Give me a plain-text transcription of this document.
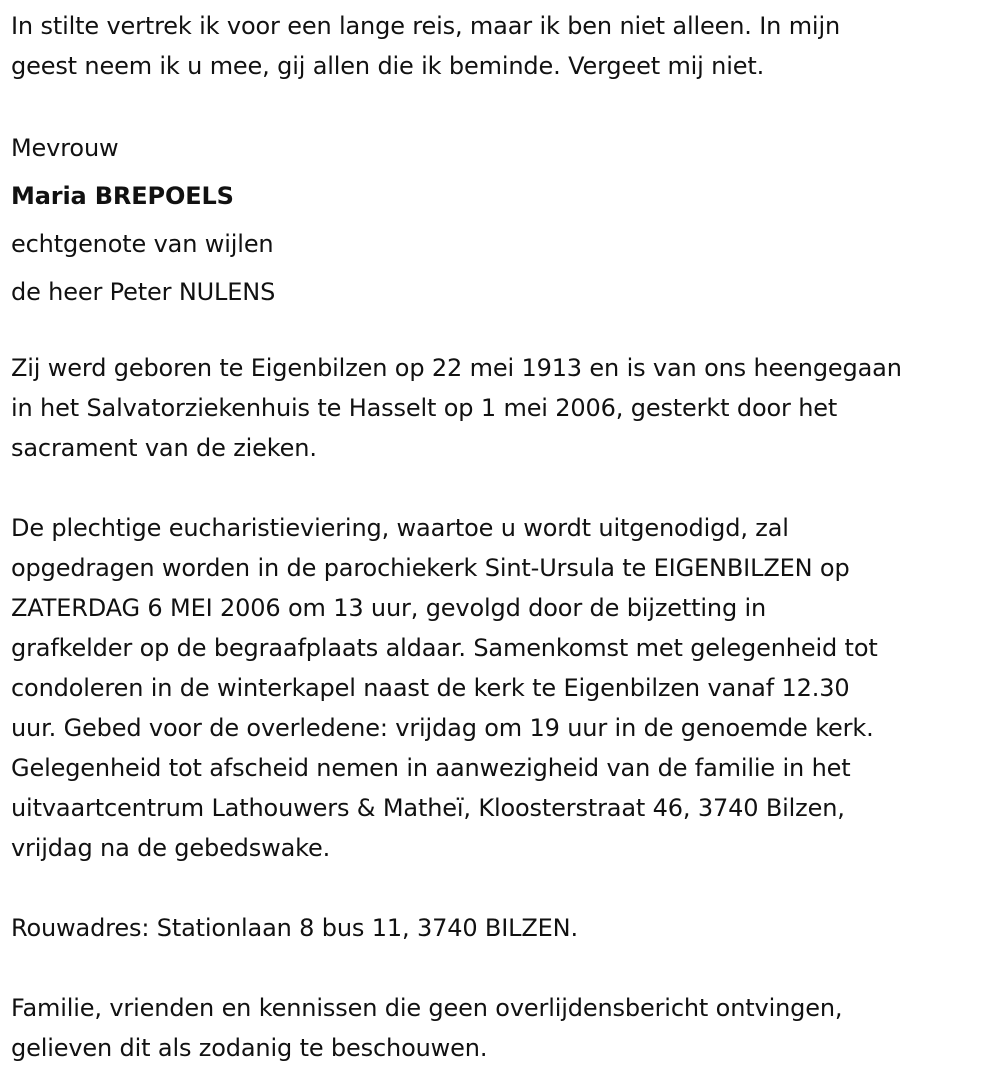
In stilte vertrek ik voor een lange reis, maar ik ben niet alleen. In mijn
geest neem ik u mee, gij allen die ik beminde. Vergeet mij niet.
Mevrouw
Maria BREPOELS
echtgenote van wijlen
de heer Peter NULENS
Zij werd geboren te Eigenbilzen op 22 mei 1913 en is van ons heengegaan
in het Salvatorziekenhuis te Hasselt op 1 mei 2006, gesterkt door het
sacrament van de zieken.
De plechtige eucharistieviering, waartoe u wordt uitgenodigd, zal
opgedragen worden in de parochiekerk Sint-Ursula te EIGENBILZEN op
ZATERDAG 6 MEI 2006 om 13 uur, gevolgd door de bijzetting in
grafkelder op de begraafplaats aldaar. Samenkomst met gelegenheid tot
condoleren in de winterkapel naast de kerk te Eigenbilzen vanaf 12.30
uur. Gebed voor de overledene: vrijdag om 19 uur in de genoemde kerk.
Gelegenheid tot afscheid nemen in aanwezigheid van de familie in het
uitvaartcentrum Lathouwers & Matheï, Kloosterstraat 46, 3740 Bilzen,
vrijdag na de gebedswake.
Rouwadres: Stationlaan 8 bus 11, 3740 BILZEN.
Familie, vrienden en kennissen die geen overlijdensbericht ontvingen,
gelieven dit als zodanig te beschouwen.
